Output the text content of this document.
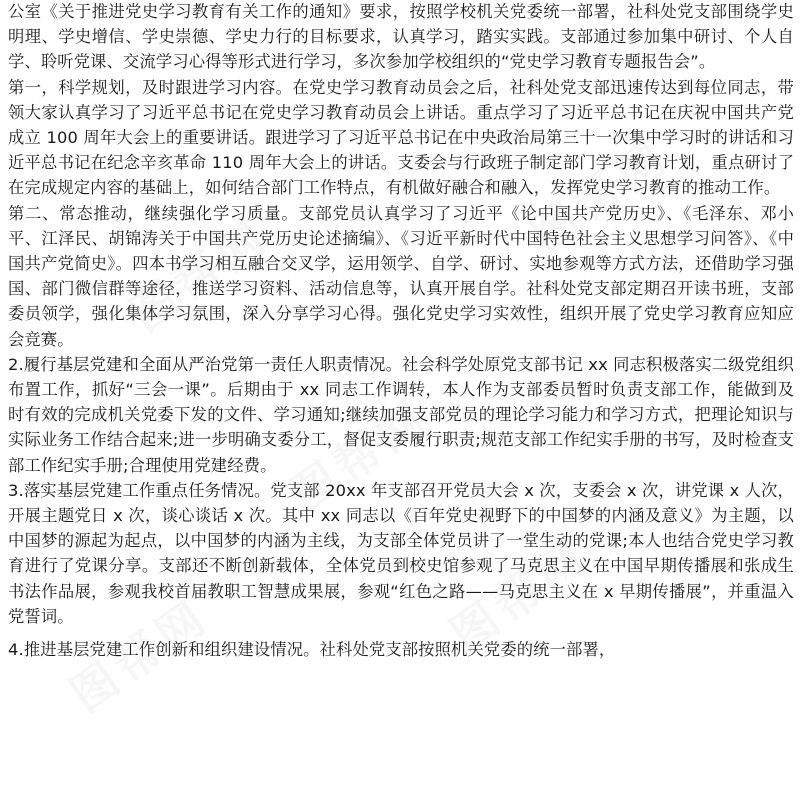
图帮网
图帮网
图帮网	图帮网
图帮网

公室《关于推进党史学习教育有关工作的通知》要求，按照学校机关党委统一部署，社科处党支部围绕学史明理、学史增信、学史崇德、学史力行的目标要求，认真学习，踏实实践。支部通过参加集中研讨、个人自学、聆听党课、交流学习心得等形式进行学习，多次参加学校组织的“党史学习教育专题报告会”。

第一，科学规划，及时跟进学习内容。在党史学习教育动员会之后，社科处党支部迅速传达到每位同志，带领大家认真学习了习近平总书记在党史学习教育动员会上讲话。重点学习了习近平总书记在庆祝中国共产党成立 100 周年大会上的重要讲话。跟进学习了习近平总书记在中央政治局第三十一次集中学习时的讲话和习近平总书记在纪念辛亥革命 110 周年大会上的讲话。支委会与行政班子制定部门学习教育计划，重点研讨了在完成规定内容的基础上，如何结合部门工作特点，有机做好融合和融入，发挥党史学习教育的推动工作。

第二、常态推动，继续强化学习质量。支部党员认真学习了习近平《论中国共产党历史》、《毛泽东、邓小平、江泽民、胡锦涛关于中国共产党历史论述摘编》、《习近平新时代中国特色社会主义思想学习问答》、《中国共产党简史》。四本书学习相互融合交叉学，运用领学、自学、研讨、实地参观等方式方法，还借助学习强国、部门微信群等途径，推送学习资料、活动信息等，认真开展自学。社科处党支部定期召开读书班，支部委员领学，强化集体学习氛围，深入分享学习心得。强化党史学习实效性，组织开展了党史学习教育应知应会竞赛。

2.履行基层党建和全面从严治党第一责任人职责情况。社会科学处原党支部书记 xx 同志积极落实二级党组织布置工作，抓好“三会一课”。后期由于 xx 同志工作调转，本人作为支部委员暂时负责支部工作，能做到及时有效的完成机关党委下发的文件、学习通知;继续加强支部党员的理论学习能力和学习方式，把理论知识与实际业务工作结合起来;进一步明确支委分工，督促支委履行职责;规范支部工作纪实手册的书写，及时检查支部工作纪实手册;合理使用党建经费。

3.落实基层党建工作重点任务情况。党支部 20xx 年支部召开党员大会 x 次，支委会 x 次，讲党课 x 人次，开展主题党日 x 次，谈心谈话 x 次。其中 xx 同志以《百年党史视野下的中国梦的内涵及意义》为主题，以中国梦的源起为起点，以中国梦的内涵为主线，为支部全体党员讲了一堂生动的党课;本人也结合党史学习教育进行了党课分享。支部还不断创新载体，全体党员到校史馆参观了马克思主义在中国早期传播展和张成生书法作品展，参观我校首届教职工智慧成果展，参观“红色之路——马克思主义在 x 早期传播展”，并重温入党誓词。

4.推进基层党建工作创新和组织建设情况。社科处党支部按照机关党委的统一部署，
